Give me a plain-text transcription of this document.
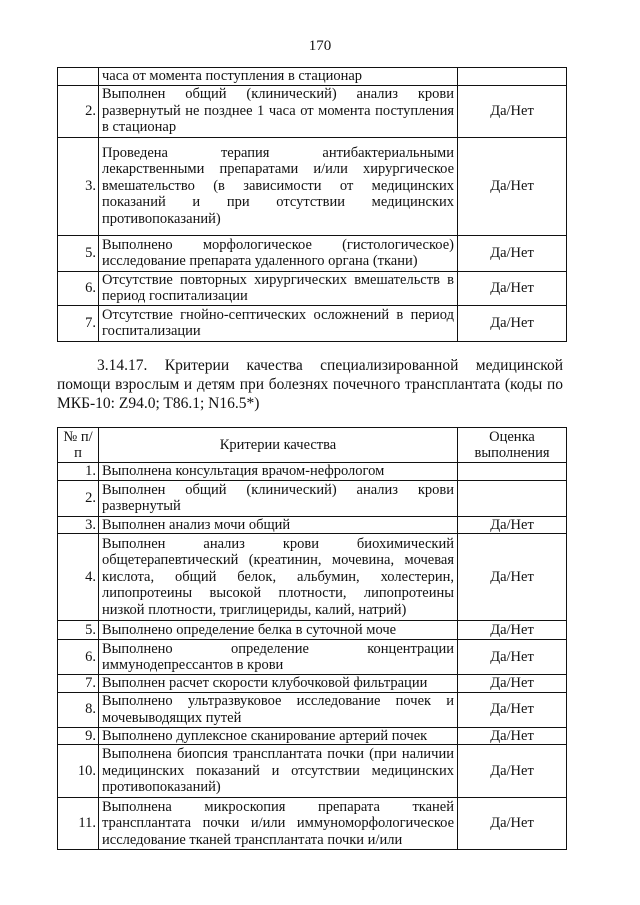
170
	часа от момента поступления в стационар	
2.	Выполнен общий (клинический) анализ крови развернутый не позднее 1 часа от момента поступления в стационар	Да/Нет
3.	Проведена терапия антибактериальными лекарственными препаратами и/или хирургическое вмешательство (в зависимости от медицинских показаний и при отсутствии медицинских противопоказаний)	Да/Нет
5.	Выполнено морфологическое (гистологическое) исследование препарата удаленного органа (ткани)	Да/Нет
6.	Отсутствие повторных хирургических вмешательств в период госпитализации	Да/Нет
7.	Отсутствие гнойно-септических осложнений в период госпитализации	Да/Нет
3.14.17. Критерии качества специализированной медицинской помощи взрослым и детям при болезнях почечного трансплантата (коды по МКБ-10: Z94.0; T86.1; N16.5*)
№ п/п	Критерии качества	Оценка выполнения
1.	Выполнена консультация врачом-нефрологом	
2.	Выполнен общий (клинический) анализ крови развернутый	
3.	Выполнен анализ мочи общий	Да/Нет
4.	Выполнен анализ крови биохимический общетерапевтический (креатинин, мочевина, мочевая кислота, общий белок, альбумин, холестерин, липопротеины высокой плотности, липопротеины низкой плотности, триглицериды, калий, натрий)	Да/Нет
5.	Выполнено определение белка в суточной моче	Да/Нет
6.	Выполнено определение концентрации иммунодепрессантов в крови	Да/Нет
7.	Выполнен расчет скорости клубочковой фильтрации	Да/Нет
8.	Выполнено ультразвуковое исследование почек и мочевыводящих путей	Да/Нет
9.	Выполнено дуплексное сканирование артерий почек	Да/Нет
10.	Выполнена биопсия трансплантата почки (при наличии медицинских показаний и отсутствии медицинских противопоказаний)	Да/Нет
11.	Выполнена микроскопия препарата тканей трансплантата почки и/или иммуноморфологическое исследование тканей трансплантата почки и/или	Да/Нет
